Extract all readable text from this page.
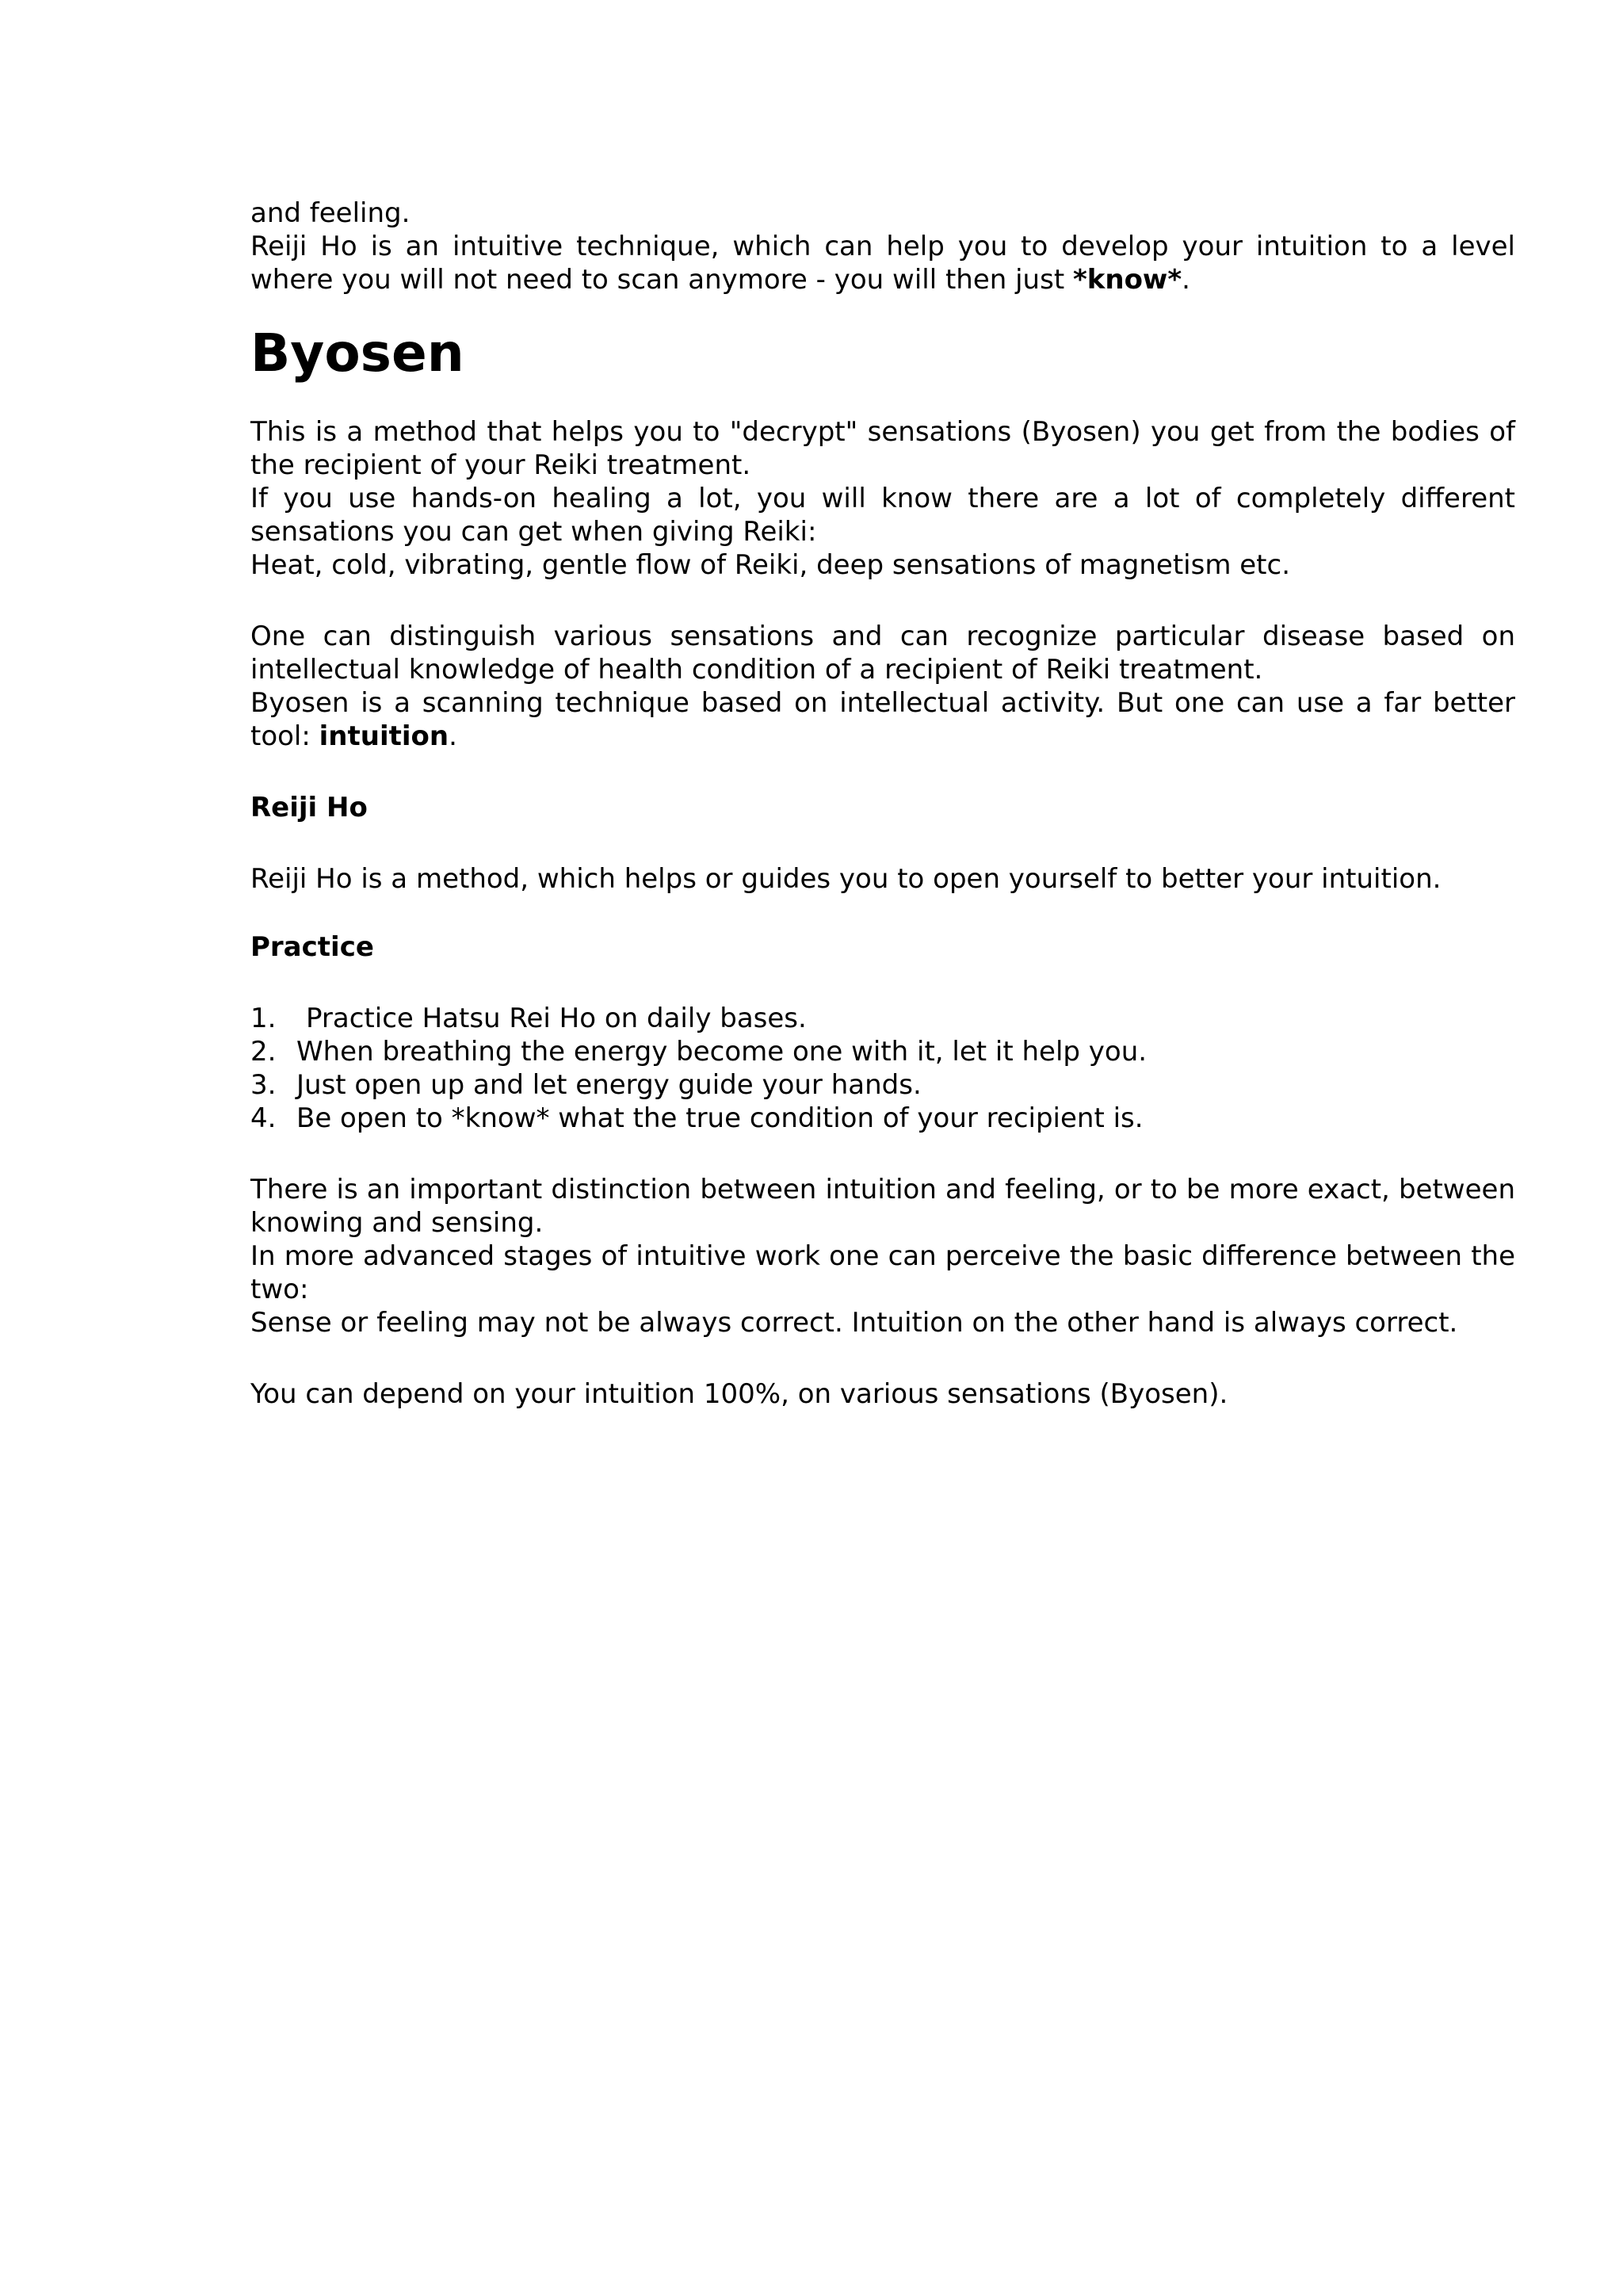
and feeling.

Reiji Ho is an intuitive technique, which can help you to develop your intuition to a level where you will not need to scan anymore - you will then just *know*.

Byosen

This is a method that helps you to "decrypt" sensations (Byosen) you get from the bodies of the recipient of your Reiki treatment.

If you use hands-on healing a lot, you will know there are a lot of completely different sensations you can get when giving Reiki:

Heat, cold, vibrating, gentle flow of Reiki, deep sensations of magnetism etc.

One can distinguish various sensations and can recognize particular disease based on intellectual knowledge of health condition of a recipient of Reiki treatment.

Byosen is a scanning technique based on intellectual activity. But one can use a far better tool: intuition.

Reiji Ho

Reiji Ho is a method, which helps or guides you to open yourself to better your intuition.

Practice
1.	Practice Hatsu Rei Ho on daily bases.
2. When breathing the energy become one with it, let it help you.
3. Just open up and let energy guide your hands.
4. Be open to *know* what the true condition of your recipient is.

There is an important distinction between intuition and feeling, or to be more exact, between knowing and sensing.

In more advanced stages of intuitive work one can perceive the basic difference between the two:

Sense or feeling may not be always correct. Intuition on the other hand is always correct.

You can depend on your intuition 100%, on various sensations (Byosen).
